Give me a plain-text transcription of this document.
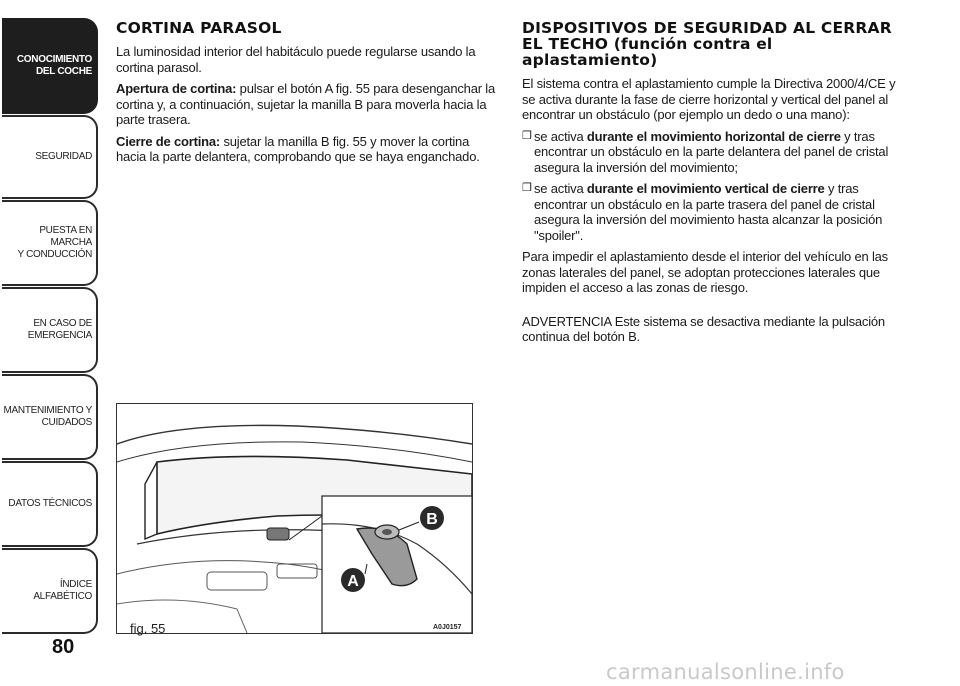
CONOCIMIENTO
DEL COCHE
SEGURIDAD
PUESTA EN MARCHA
Y CONDUCCIÓN
EN CASO DE
EMERGENCIA
MANTENIMIENTO Y
CUIDADOS
DATOS TÉCNICOS
ÍNDICE ALFABÉTICO
80
CORTINA PARASOL

La luminosidad interior del habitáculo puede regularse usando la cortina parasol.

Apertura de cortina: pulsar el botón A fig. 55 para desenganchar la cortina y, a continuación, sujetar la manilla B para moverla hacia la parte trasera.

Cierre de cortina: sujetar la manilla B fig. 55 y mover la cortina hacia la parte delantera, comprobando que se haya enganchado.

DISPOSITIVOS DE SEGURIDAD AL CERRAR EL TECHO (función contra el aplastamiento)

El sistema contra el aplastamiento cumple la Directiva 2000/4/CE y se activa durante la fase de cierre horizontal y vertical del panel al encontrar un obstáculo (por ejemplo un dedo o una mano):

❒ se activa durante el movimiento horizontal de cierre y tras encontrar un obstáculo en la parte delantera del panel de cristal asegura la inversión del movimiento;
❒ se activa durante el movimiento vertical de cierre y tras encontrar un obstáculo en la parte trasera del panel de cristal asegura la inversión del movimiento hasta alcanzar la posición "spoiler".

Para impedir el aplastamiento desde el interior del vehículo en las zonas laterales del panel, se adoptan protecciones laterales que impiden el acceso a las zonas de riesgo.

ADVERTENCIA Este sistema se desactiva mediante la pulsación continua del botón B.

B
A
fig. 55	A0J0157
carmanualsonline.info
